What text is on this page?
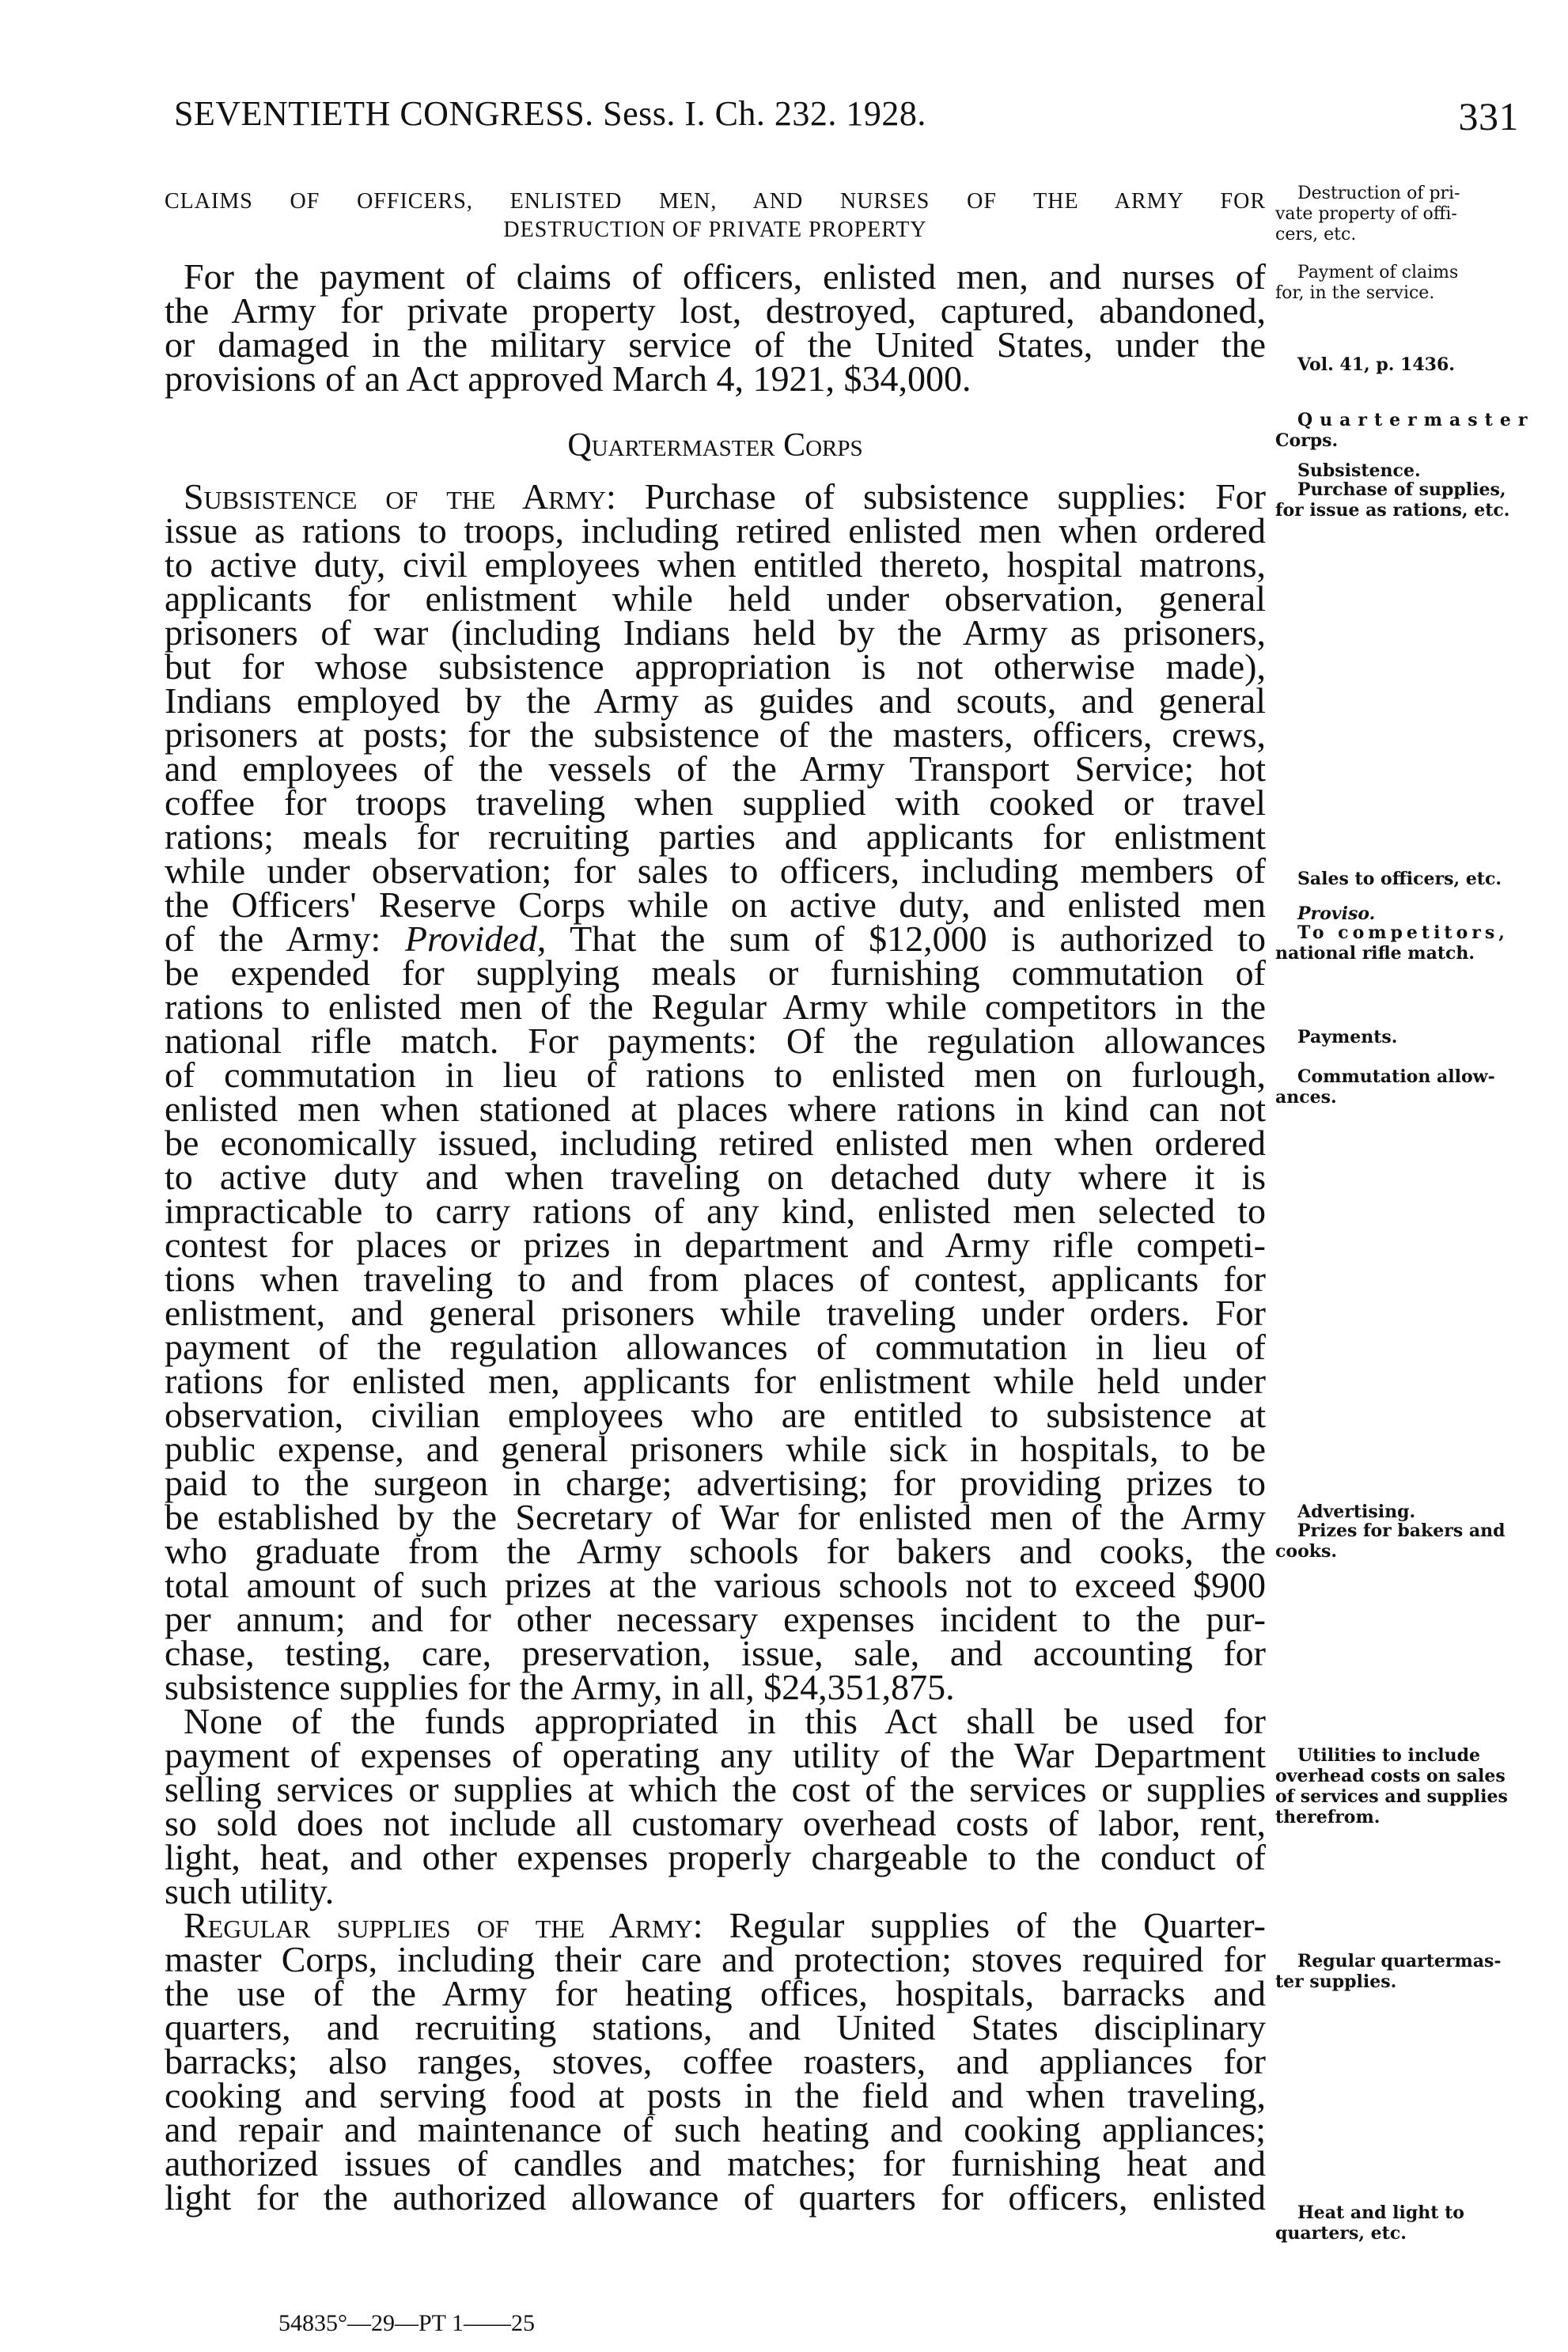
SEVENTIETH CONGRESS. Sess. I. Ch. 232. 1928.	331
CLAIMS OF OFFICERS, ENLISTED MEN, AND NURSES OF THE ARMY FOR
DESTRUCTION OF PRIVATE PROPERTY
For the payment of claims of officers, enlisted men, and nurses of
the Army for private property lost, destroyed, captured, abandoned,
or damaged in the military service of the United States, under the
provisions of an Act approved March 4, 1921, $34,000.
Quartermaster Corps
Subsistence of the Army: Purchase of subsistence supplies: For
issue as rations to troops, including retired enlisted men when ordered
to active duty, civil employees when entitled thereto, hospital matrons,
applicants for enlistment while held under observation, general
prisoners of war (including Indians held by the Army as prisoners,
but for whose subsistence appropriation is not otherwise made),
Indians employed by the Army as guides and scouts, and general
prisoners at posts; for the subsistence of the masters, officers, crews,
and employees of the vessels of the Army Transport Service; hot
coffee for troops traveling when supplied with cooked or travel
rations; meals for recruiting parties and applicants for enlistment
while under observation; for sales to officers, including members of
the Officers' Reserve Corps while on active duty, and enlisted men
of the Army: Provided, That the sum of $12,000 is authorized to
be expended for supplying meals or furnishing commutation of
rations to enlisted men of the Regular Army while competitors in the
national rifle match. For payments: Of the regulation allowances
of commutation in lieu of rations to enlisted men on furlough,
enlisted men when stationed at places where rations in kind can not
be economically issued, including retired enlisted men when ordered
to active duty and when traveling on detached duty where it is
impracticable to carry rations of any kind, enlisted men selected to
contest for places or prizes in department and Army rifle competi-
tions when traveling to and from places of contest, applicants for
enlistment, and general prisoners while traveling under orders. For
payment of the regulation allowances of commutation in lieu of
rations for enlisted men, applicants for enlistment while held under
observation, civilian employees who are entitled to subsistence at
public expense, and general prisoners while sick in hospitals, to be
paid to the surgeon in charge; advertising; for providing prizes to
be established by the Secretary of War for enlisted men of the Army
who graduate from the Army schools for bakers and cooks, the
total amount of such prizes at the various schools not to exceed $900
per annum; and for other necessary expenses incident to the pur-
chase, testing, care, preservation, issue, sale, and accounting for
subsistence supplies for the Army, in all, $24,351,875.
None of the funds appropriated in this Act shall be used for
payment of expenses of operating any utility of the War Department
selling services or supplies at which the cost of the services or supplies
so sold does not include all customary overhead costs of labor, rent,
light, heat, and other expenses properly chargeable to the conduct of
such utility.
Regular supplies of the Army: Regular supplies of the Quarter-
master Corps, including their care and protection; stoves required for
the use of the Army for heating offices, hospitals, barracks and
quarters, and recruiting stations, and United States disciplinary
barracks; also ranges, stoves, coffee roasters, and appliances for
cooking and serving food at posts in the field and when traveling,
and repair and maintenance of such heating and cooking appliances;
authorized issues of candles and matches; for furnishing heat and
light for the authorized allowance of quarters for officers, enlisted
Destruction of pri-
vate property of offi-
cers, etc.
Payment of claims
for, in the service.
Vol. 41, p. 1436.
Quartermaster
Corps.
Subsistence.
Purchase of supplies,
for issue as rations, etc.
Sales to officers, etc.
Proviso.
To competitors,
national rifle match.
Payments.
Commutation allow-
ances.
Advertising.
Prizes for bakers and
cooks.
Utilities to include
overhead costs on sales
of services and supplies
therefrom.
Regular quartermas-
ter supplies.
Heat and light to
quarters, etc.
54835°—29—PT 1——25
